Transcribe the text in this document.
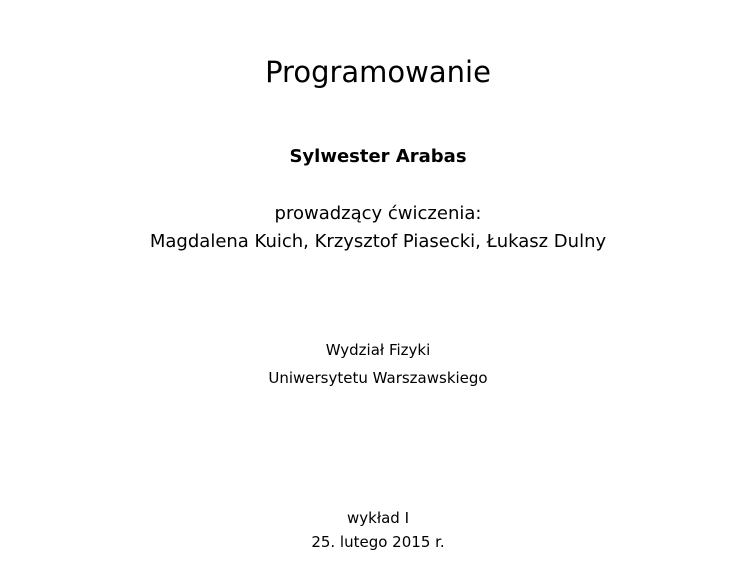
Programowanie
Sylwester Arabas
prowadzący ćwiczenia:
Magdalena Kuich, Krzysztof Piasecki, Łukasz Dulny
Wydział Fizyki
Uniwersytetu Warszawskiego
wykład I
25. lutego 2015 r.
